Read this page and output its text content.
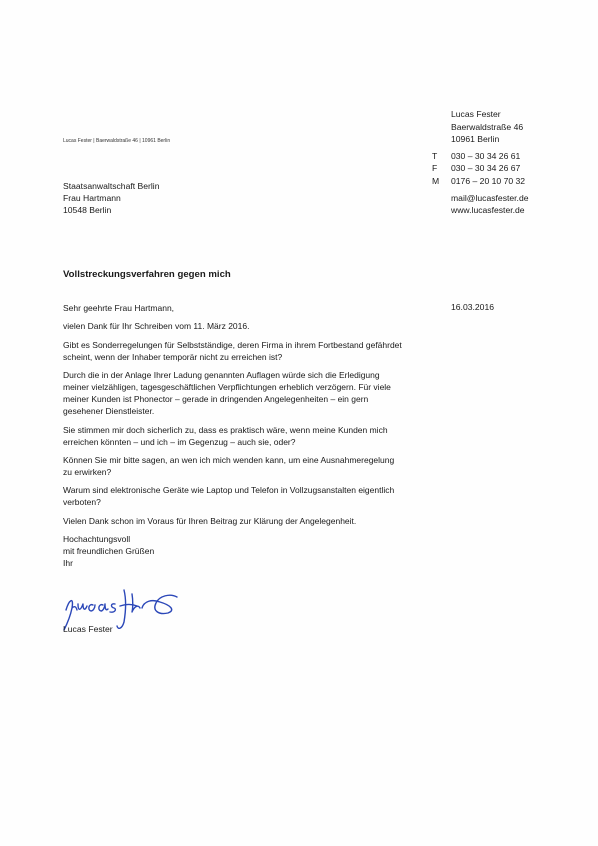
Lucas Fester
Baerwaldstraße 46
10961 Berlin
T	030 – 30 34 26 61
F	030 – 30 34 26 67
M	0176 – 20 10 70 32
mail@lucasfester.de
www.lucasfester.de
Lucas Fester | Baerwaldstraße 46 | 10961 Berlin
Staatsanwaltschaft Berlin
Frau Hartmann
10548 Berlin
Vollstreckungsverfahren gegen mich
16.03.2016

Sehr geehrte Frau Hartmann,

vielen Dank für Ihr Schreiben vom 11. März 2016.

Gibt es Sonderregelungen für Selbstständige, deren Firma in ihrem Fortbestand gefährdet scheint, wenn der Inhaber temporär nicht zu erreichen ist?

Durch die in der Anlage Ihrer Ladung genannten Auflagen würde sich die Erledigung meiner vielzähligen, tagesgeschäftlichen Verpflichtungen erheblich verzögern. Für viele meiner Kunden ist Phonector – gerade in dringenden Angelegenheiten – ein gern gesehener Dienstleister.

Sie stimmen mir doch sicherlich zu, dass es praktisch wäre, wenn meine Kunden mich erreichen könnten – und ich – im Gegenzug – auch sie, oder?

Können Sie mir bitte sagen, an wen ich mich wenden kann, um eine Ausnahmeregelung zu erwirken?

Warum sind elektronische Geräte wie Laptop und Telefon in Vollzugsanstalten eigentlich verboten?

Vielen Dank schon im Voraus für Ihren Beitrag zur Klärung der Angelegenheit.

Hochachtungsvoll
mit freundlichen Grüßen
Ihr
Lucas Fester
